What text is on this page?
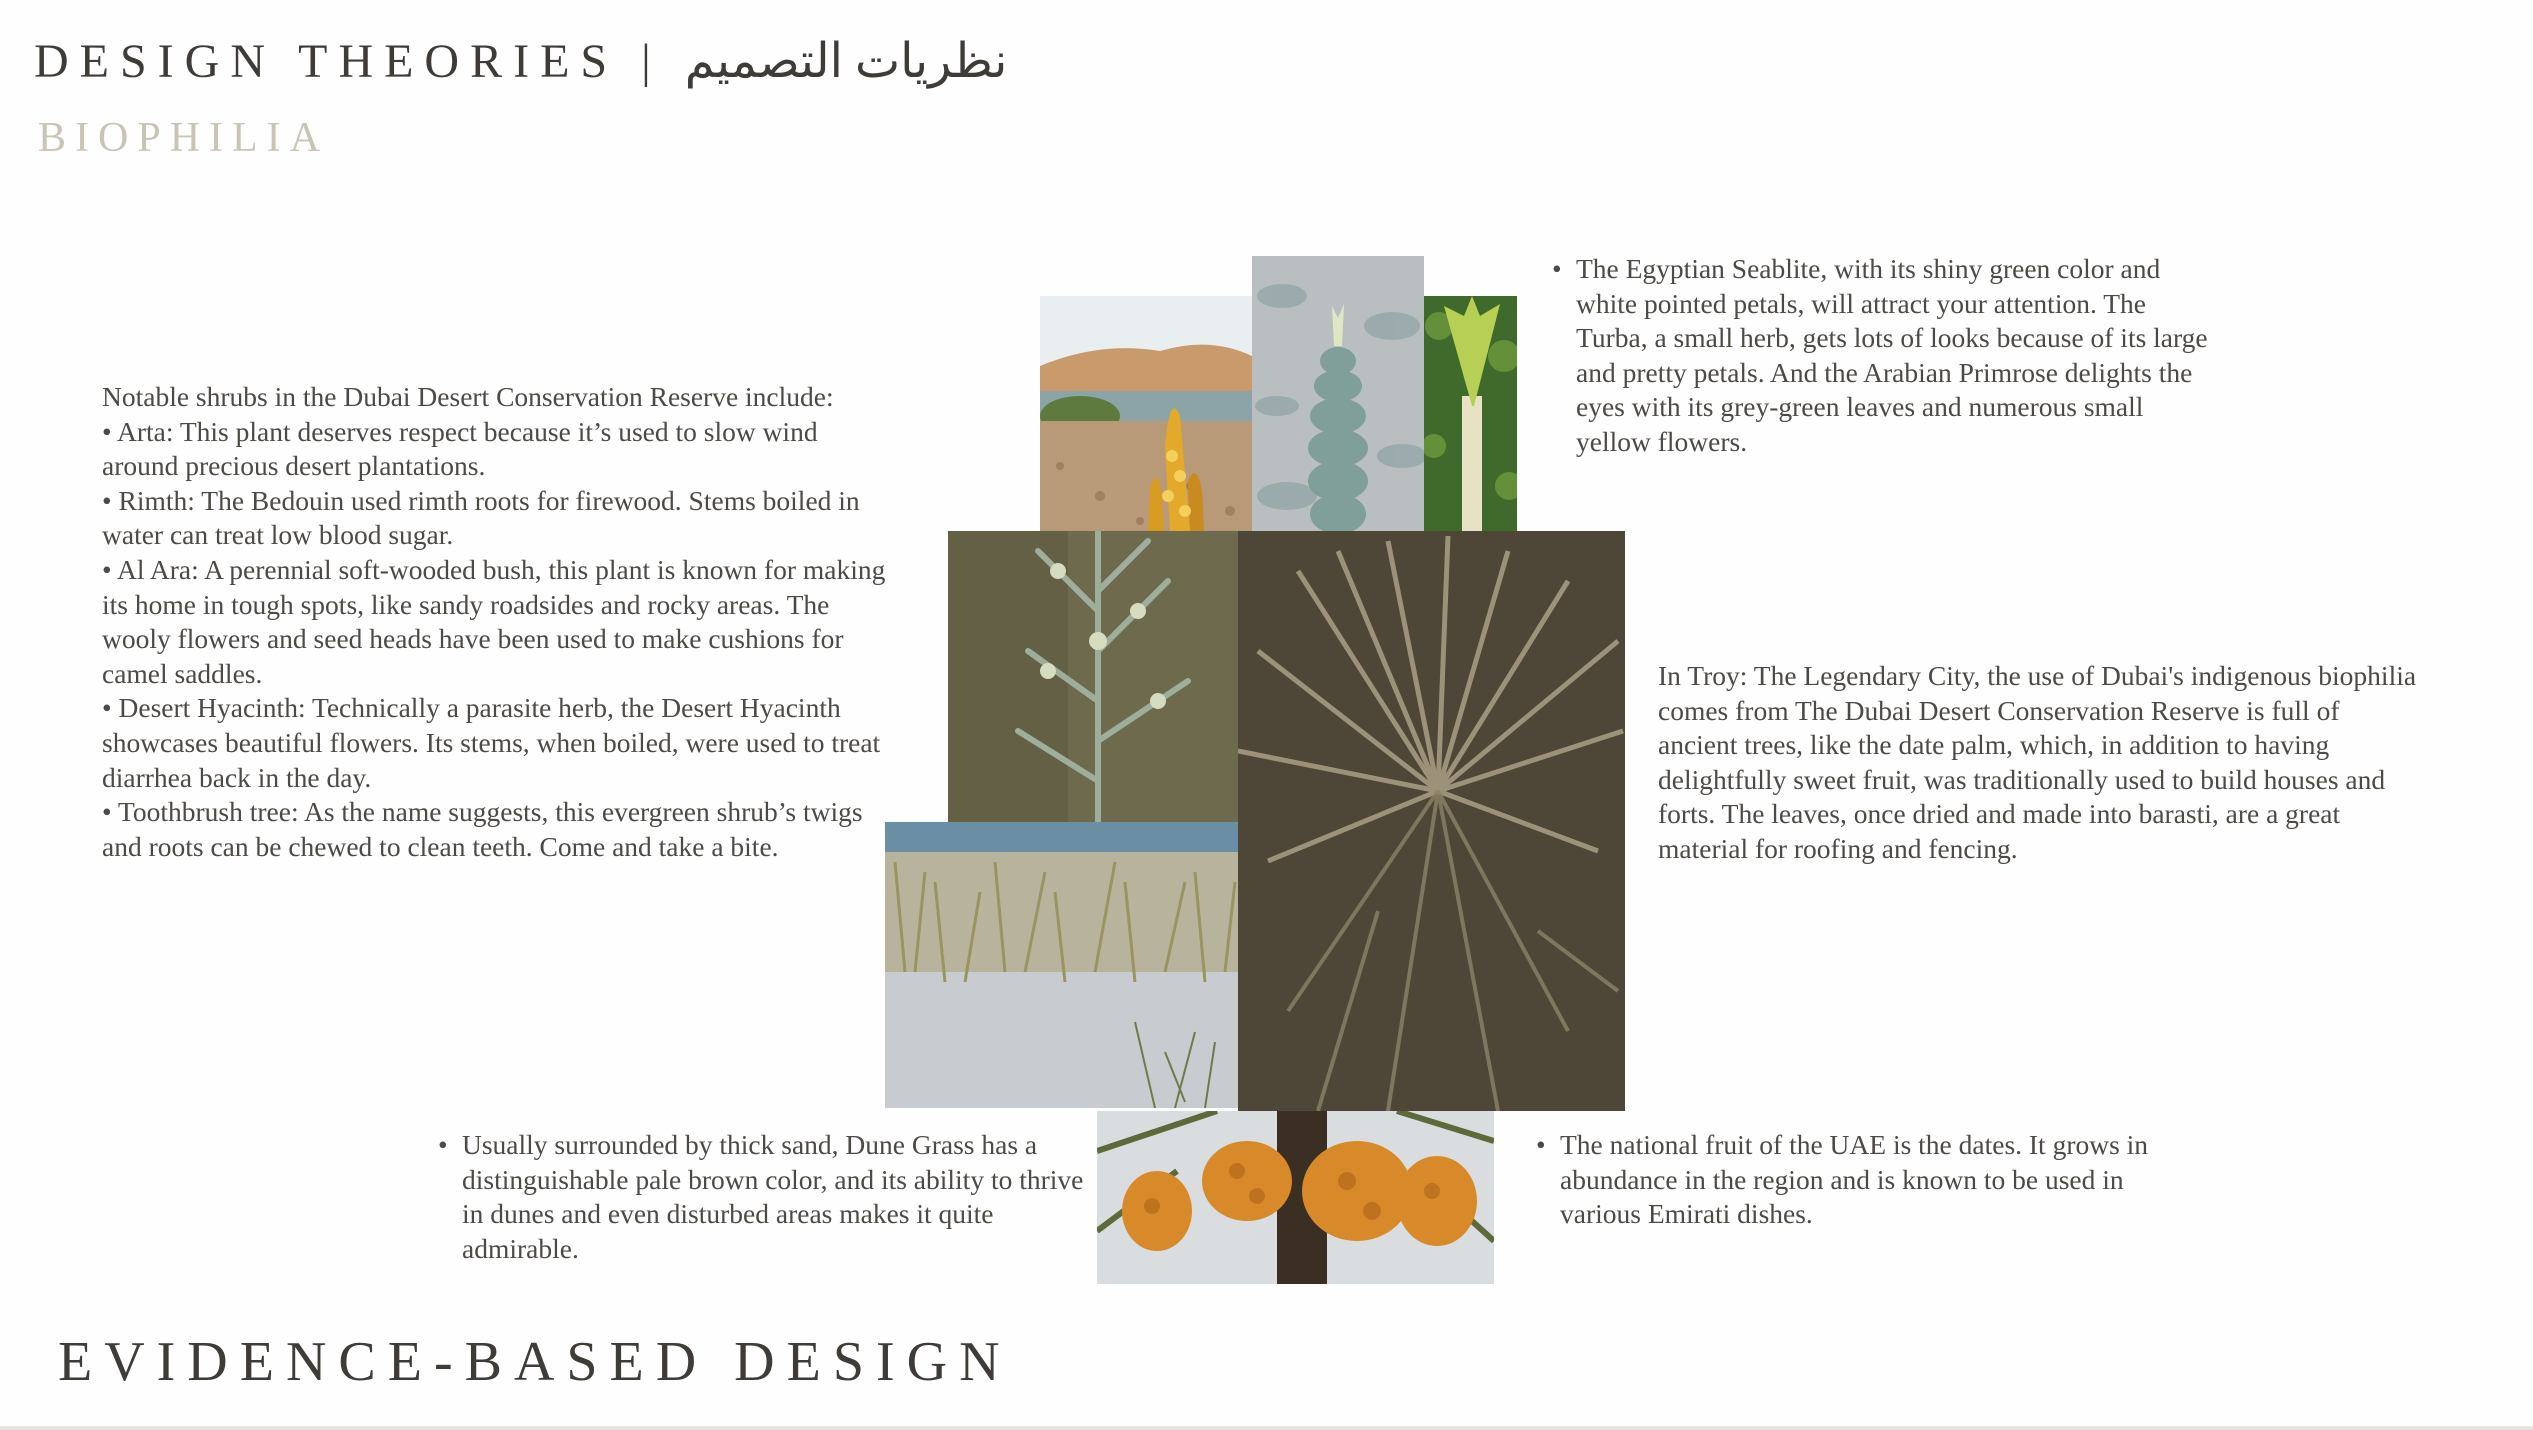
DESIGN THEORIES | نظريات التصميم
BIOPHILIA

Notable shrubs in the Dubai Desert Conservation Reserve include:

• Arta: This plant deserves respect because it’s used to slow wind around precious desert plantations.

• Rimth: The Bedouin used rimth roots for firewood. Stems boiled in water can treat low blood sugar.

• Al Ara: A perennial soft-wooded bush, this plant is known for making its home in tough spots, like sandy roadsides and rocky areas. The wooly flowers and seed heads have been used to make cushions for camel saddles.

• Desert Hyacinth: Technically a parasite herb, the Desert Hyacinth showcases beautiful flowers. Its stems, when boiled, were used to treat diarrhea back in the day.

• Toothbrush tree: As the name suggests, this evergreen shrub’s twigs and roots can be chewed to clean teeth. Come and take a bite.

• The Egyptian Seablite, with its shiny green color and white pointed petals, will attract your attention. The Turba, a small herb, gets lots of looks because of its large and pretty petals. And the Arabian Primrose delights the eyes with its grey-green leaves and numerous small yellow flowers.
In Troy: The Legendary City, the use of Dubai's indigenous biophilia comes from The Dubai Desert Conservation Reserve is full of ancient trees, like the date palm, which, in addition to having delightfully sweet fruit, was traditionally used to build houses and forts. The leaves, once dried and made into barasti, are a great material for roofing and fencing.
• Usually surrounded by thick sand, Dune Grass has a distinguishable pale brown color, and its ability to thrive in dunes and even disturbed areas makes it quite admirable.
• The national fruit of the UAE is the dates. It grows in abundance in the region and is known to be used in various Emirati dishes.
EVIDENCE-BASED DESIGN
